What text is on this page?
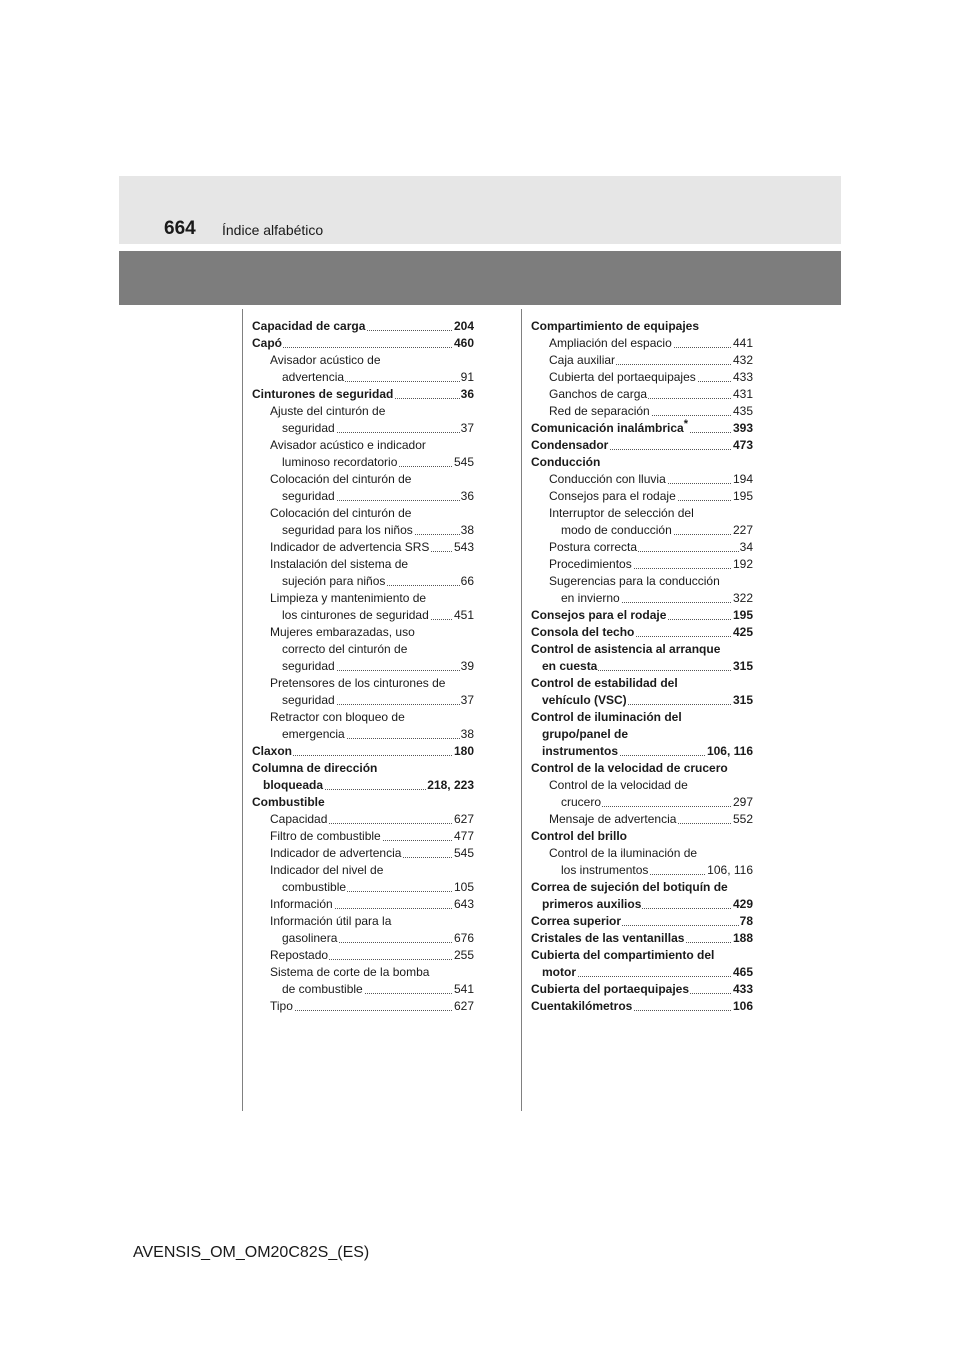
664 Índice alfabético
Capacidad de carga	204
Capó	460
Avisador acústico de
advertencia	91
Cinturones de seguridad	36
Ajuste del cinturón de
seguridad	37
Avisador acústico e indicador
luminoso recordatorio	545
Colocación del cinturón de
seguridad	36
Colocación del cinturón de
seguridad para los niños	38
Indicador de advertencia SRS 543
Instalación del sistema de
sujeción para niños	66
Limpieza y mantenimiento de
los cinturones de seguridad 451
Mujeres embarazadas, uso
correcto del cinturón de
seguridad	39
Pretensores de los cinturones de
seguridad	37
Retractor con bloqueo de
emergencia	38
Claxon	180
Columna de dirección
bloqueada	218, 223
Combustible
Capacidad	627
Filtro de combustible	477
Indicador de advertencia	545
Indicador del nivel de
combustible	105
Información	643
Información útil para la
gasolinera	676
Repostado	255
Sistema de corte de la bomba
de combustible	541
Tipo	627
Compartimiento de equipajes
Ampliación del espacio	441
Caja auxiliar	432
Cubierta del portaequipajes	433
Ganchos de carga	431
Red de separación	435
Comunicación inalámbrica*	393
Condensador	473
Conducción
Conducción con lluvia	194
Consejos para el rodaje	195
Interruptor de selección del
modo de conducción	227
Postura correcta	34
Procedimientos	192
Sugerencias para la conducción
en invierno	322
Consejos para el rodaje	195
Consola del techo	425
Control de asistencia al arranque
en cuesta	315
Control de estabilidad del
vehículo (VSC)	315
Control de iluminación del
grupo/panel de
instrumentos	106, 116
Control de la velocidad de crucero
Control de la velocidad de
crucero	297
Mensaje de advertencia	552
Control del brillo
Control de la iluminación de
los instrumentos	106, 116
Correa de sujeción del botiquín de
primeros auxilios	429
Correa superior	78
Cristales de las ventanillas	188
Cubierta del compartimiento del
motor	465
Cubierta del portaequipajes	433
Cuentakilómetros	106
AVENSIS_OM_OM20C82S_(ES)
